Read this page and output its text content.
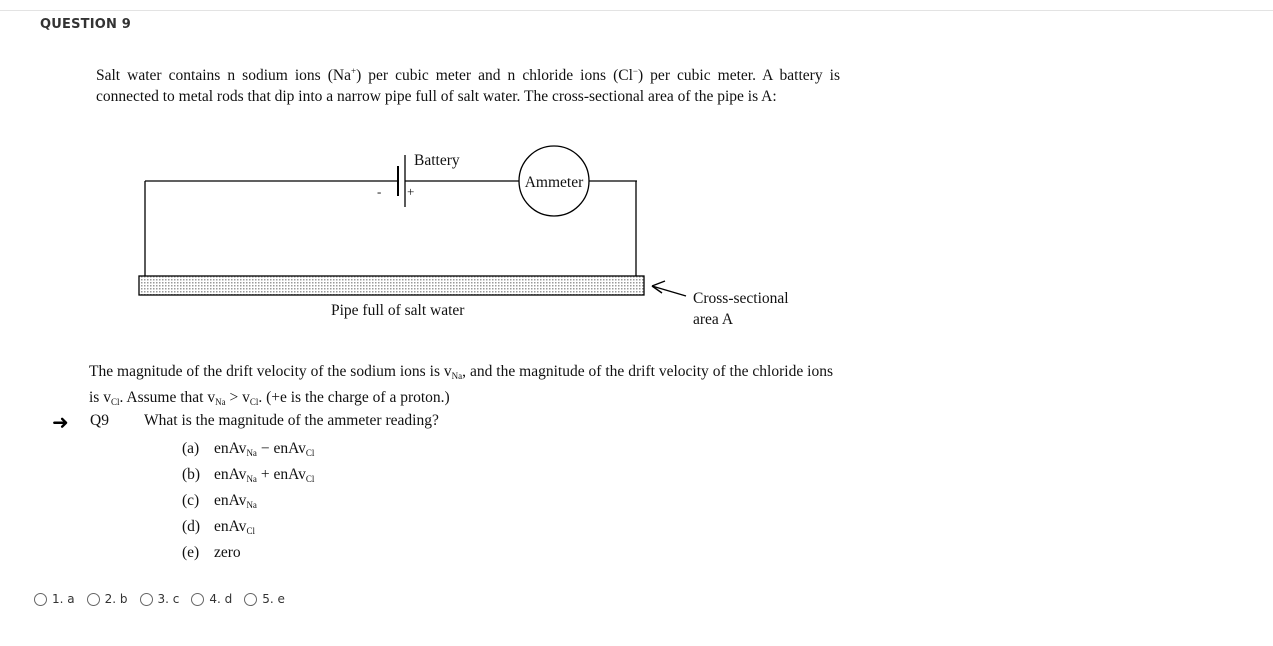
QUESTION 9
Salt water contains n sodium ions (Na+) per cubic meter and n chloride ions (Cl−) per cubic meter. A battery is connected to metal rods that dip into a narrow pipe full of salt water. The cross-sectional area of the pipe is A:
Battery
- +
Ammeter
Pipe full of salt water
Cross-sectional
area A
The magnitude of the drift velocity of the sodium ions is $v_{Na}$, and the magnitude of the drift velocity of the chloride ions is $v_{Cl}$. Assume that $v_{Na} > v_{Cl}$. (+e is the charge of a proton.)
➜ Q9 What is the magnitude of the ammeter reading?
(a) enAv$_{Na}$ − enAv$_{Cl}$
(b) enAv$_{Na}$ + enAv$_{Cl}$
(c) enAv$_{Na}$
(d) enAv$_{Cl}$
(e) zero
1. a	2. b	3. c	4. d	5. e
